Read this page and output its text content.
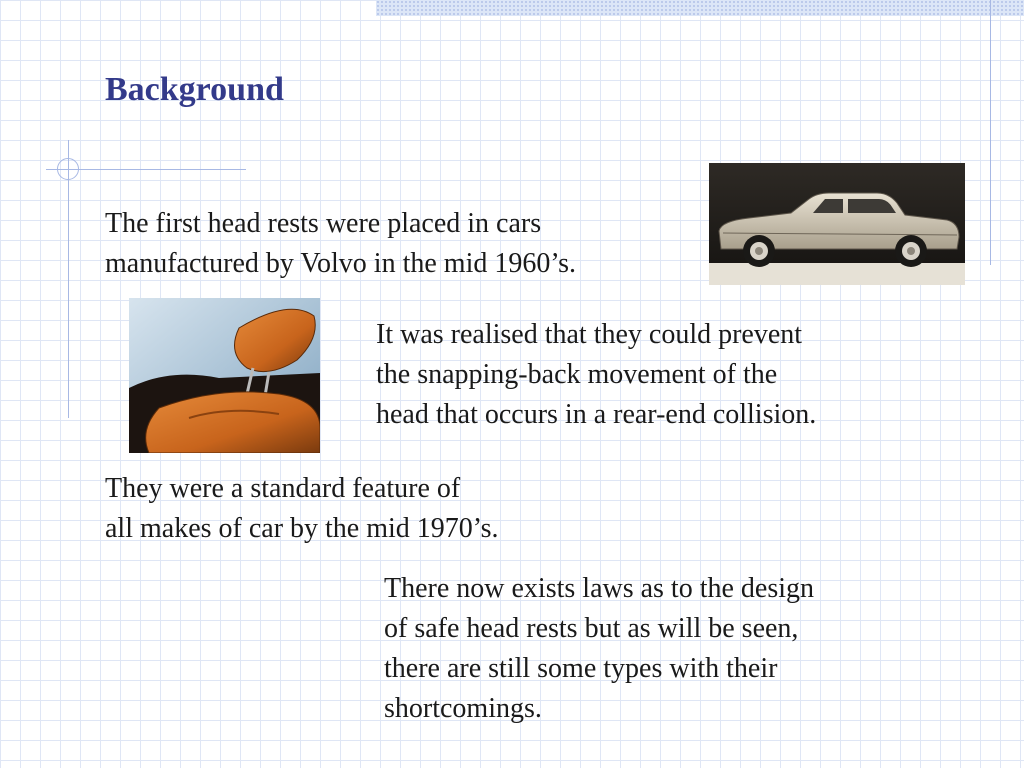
Background
The first head rests were placed in cars
manufactured by Volvo in the mid 1960’s.
It was realised that they could prevent
the snapping-back movement of the
head that occurs in a rear-end collision.
They were a standard feature of
all makes of car by the mid 1970’s.
There now exists laws as to the design
of safe head rests but as will be seen,
there are still some types with their
shortcomings.
